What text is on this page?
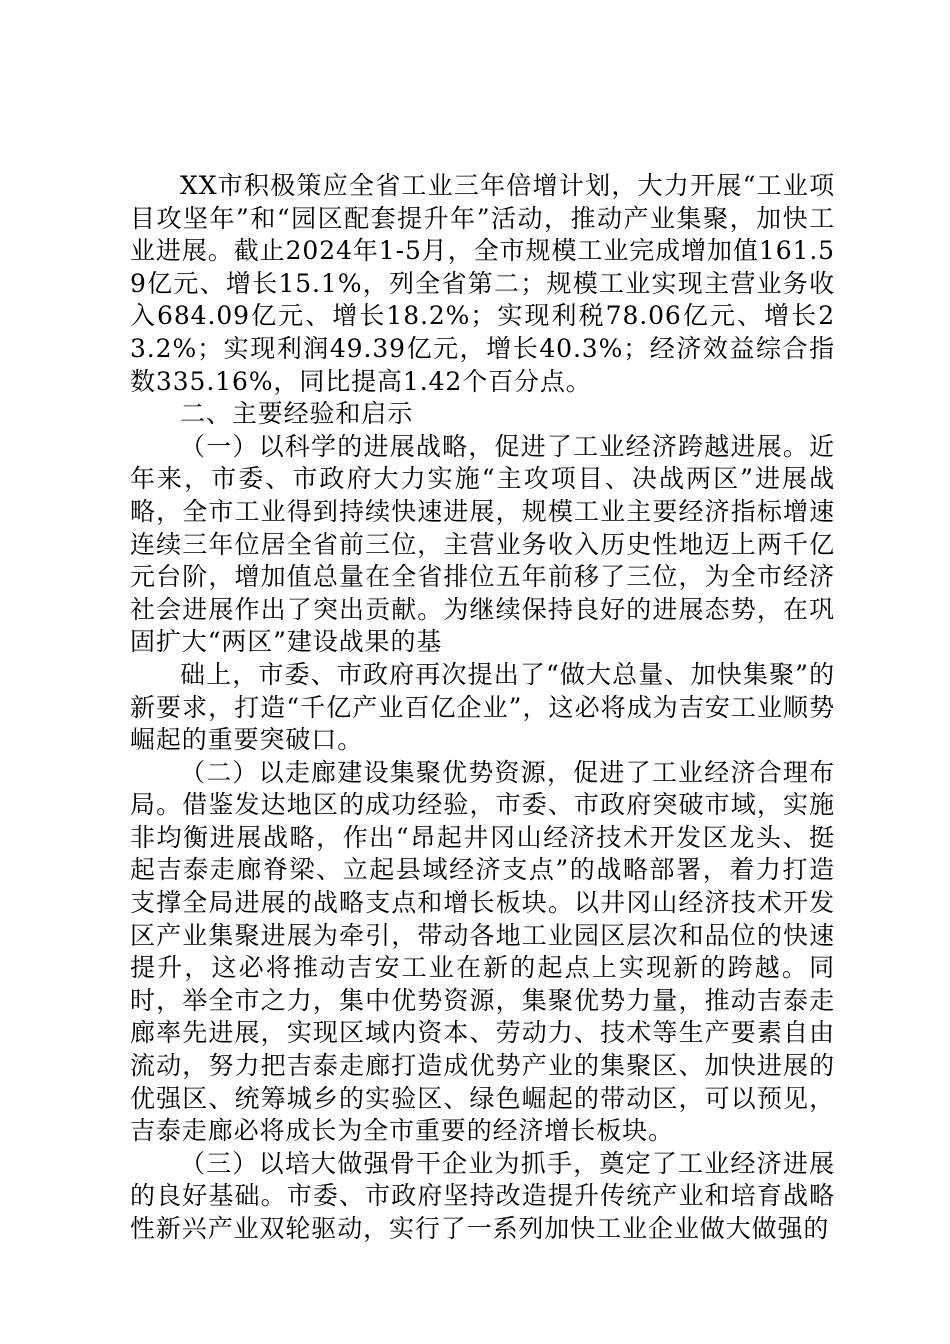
XX市积极策应全省工业三年倍增计划，大力开展“工业项目攻坚年”和“园区配套提升年”活动，推动产业集聚，加快工业进展。截止2024年1-5月，全市规模工业完成增加值161.59亿元、增长15.1%，列全省第二；规模工业实现主营业务收入684.09亿元、增长18.2%；实现利税78.06亿元、增长23.2%；实现利润49.39亿元，增长40.3%；经济效益综合指数335.16%，同比提高1.42个百分点。

二、主要经验和启示

（一）以科学的进展战略，促进了工业经济跨越进展。近年来，市委、市政府大力实施“主攻项目、决战两区”进展战略，全市工业得到持续快速进展，规模工业主要经济指标增速连续三年位居全省前三位，主营业务收入历史性地迈上两千亿元台阶，增加值总量在全省排位五年前移了三位，为全市经济社会进展作出了突出贡献。为继续保持良好的进展态势，在巩固扩大“两区”建设战果的基

础上，市委、市政府再次提出了“做大总量、加快集聚”的新要求，打造“千亿产业百亿企业”，这必将成为吉安工业顺势崛起的重要突破口。

（二）以走廊建设集聚优势资源，促进了工业经济合理布局。借鉴发达地区的成功经验，市委、市政府突破市域，实施非均衡进展战略，作出“昂起井冈山经济技术开发区龙头、挺起吉泰走廊脊梁、立起县域经济支点”的战略部署，着力打造支撑全局进展的战略支点和增长板块。以井冈山经济技术开发区产业集聚进展为牵引，带动各地工业园区层次和品位的快速提升，这必将推动吉安工业在新的起点上实现新的跨越。同时，举全市之力，集中优势资源，集聚优势力量，推动吉泰走廊率先进展，实现区域内资本、劳动力、技术等生产要素自由流动，努力把吉泰走廊打造成优势产业的集聚区、加快进展的优强区、统筹城乡的实验区、绿色崛起的带动区，可以预见，吉泰走廊必将成长为全市重要的经济增长板块。

（三）以培大做强骨干企业为抓手，奠定了工业经济进展的良好基础。市委、市政府坚持改造提升传统产业和培育战略性新兴产业双轮驱动，实行了一系列加快工业企业做大做强的
